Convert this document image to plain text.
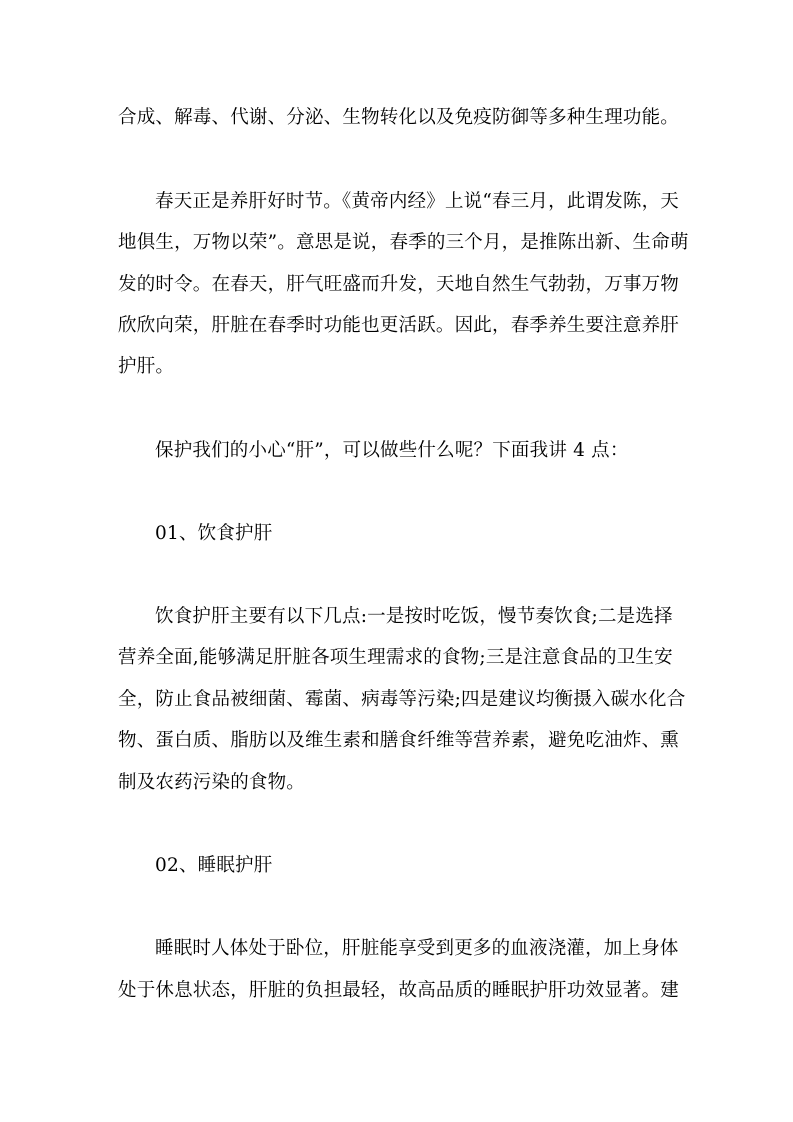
合成、解毒、代谢、分泌、生物转化以及免疫防御等多种生理功能。
春天正是养肝好时节。《黄帝内经》上说“春三月，此谓发陈，天
地俱生，万物以荣”。意思是说，春季的三个月，是推陈出新、生命萌
发的时令。在春天，肝气旺盛而升发，天地自然生气勃勃，万事万物
欣欣向荣，肝脏在春季时功能也更活跃。因此，春季养生要注意养肝
护肝。
保护我们的小心“肝”，可以做些什么呢？下面我讲 4 点：
01、饮食护肝
饮食护肝主要有以下几点:一是按时吃饭，慢节奏饮食;二是选择
营养全面,能够满足肝脏各项生理需求的食物;三是注意食品的卫生安
全，防止食品被细菌、霉菌、病毒等污染;四是建议均衡摄入碳水化合
物、蛋白质、脂肪以及维生素和膳食纤维等营养素，避免吃油炸、熏
制及农药污染的食物。
02、睡眠护肝
睡眠时人体处于卧位，肝脏能享受到更多的血液浇灌，加上身体
处于休息状态，肝脏的负担最轻，故高品质的睡眠护肝功效显著。建
